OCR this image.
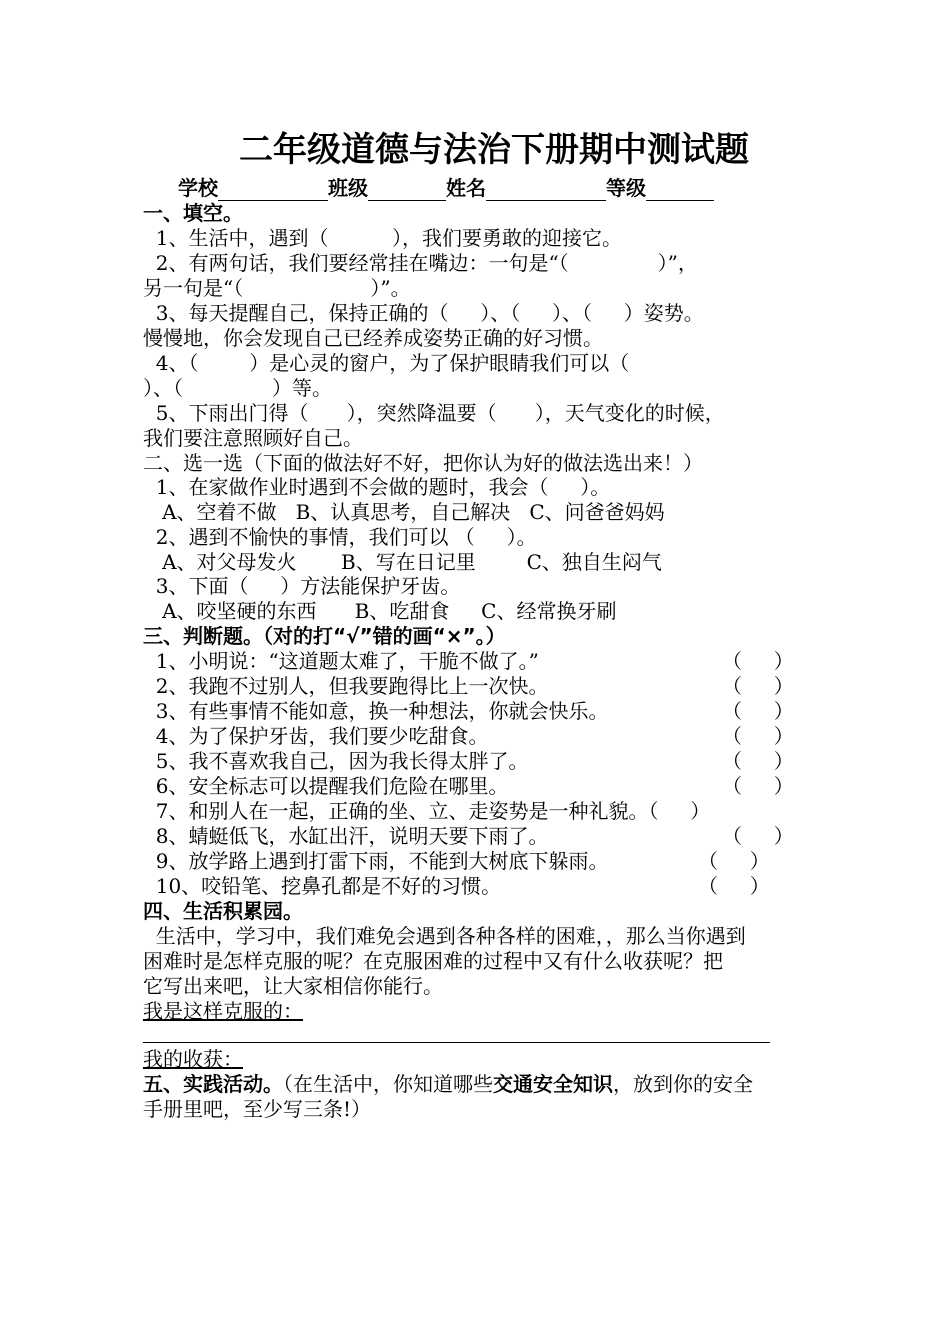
二年级道德与法治下册期中测试题
学校	班级	姓名	等级
一、填空。
1、生活中，遇到（          ），我们要勇敢的迎接它。
2、有两句话，我们要经常挂在嘴边：一句是“（              ）”，
另一句是“（                    ）”。
3、每天提醒自己，保持正确的（     ）、（     ）、（     ）姿势。
慢慢地，你会发现自己已经养成姿势正确的好习惯。
4、（        ）是心灵的窗户，为了保护眼睛我们可以（
）、（              ）等。
5、下雨出门得（      ），突然降温要（      ），天气变化的时候，
我们要注意照顾好自己。
二、选一选（下面的做法好不好，把你认为好的做法选出来！）
1、在家做作业时遇到不会做的题时，我会（     ）。
A、空着不做   B、认真思考，自己解决   C、问爸爸妈妈
2、遇到不愉快的事情，我们可以 （     ）。
A、对父母发火       B、写在日记里        C、独自生闷气
3、下面（     ）方法能保护牙齿。
A、咬坚硬的东西      B、吃甜食     C、经常换牙刷
三、判断题。（对的打“√”错的画“×”。）
1、小明说：“这道题太难了，干脆不做了。”	（     ）
2、我跑不过别人，但我要跑得比上一次快。	（     ）
3、有些事情不能如意，换一种想法，你就会快乐。	（     ）
4、为了保护牙齿，我们要少吃甜食。	（     ）
5、我不喜欢我自己，因为我长得太胖了。	（     ）
6、安全标志可以提醒我们危险在哪里。	（     ）
7、和别人在一起，正确的坐、立、走姿势是一种礼貌。（     ）
8、蜻蜓低飞，水缸出汗，说明天要下雨了。	（     ）
9、放学路上遇到打雷下雨，不能到大树底下躲雨。	（     ）
10、咬铅笔、挖鼻孔都是不好的习惯。	（     ）
四、生活积累园。
生活中，学习中，我们难免会遇到各种各样的困难，，那么当你遇到
困难时是怎样克服的呢？在克服困难的过程中又有什么收获呢？把
它写出来吧，让大家相信你能行。
我是这样克服的：
我的收获：
五、实践活动。（在生活中，你知道哪些交通安全知识，放到你的安全
手册里吧，至少写三条!）
